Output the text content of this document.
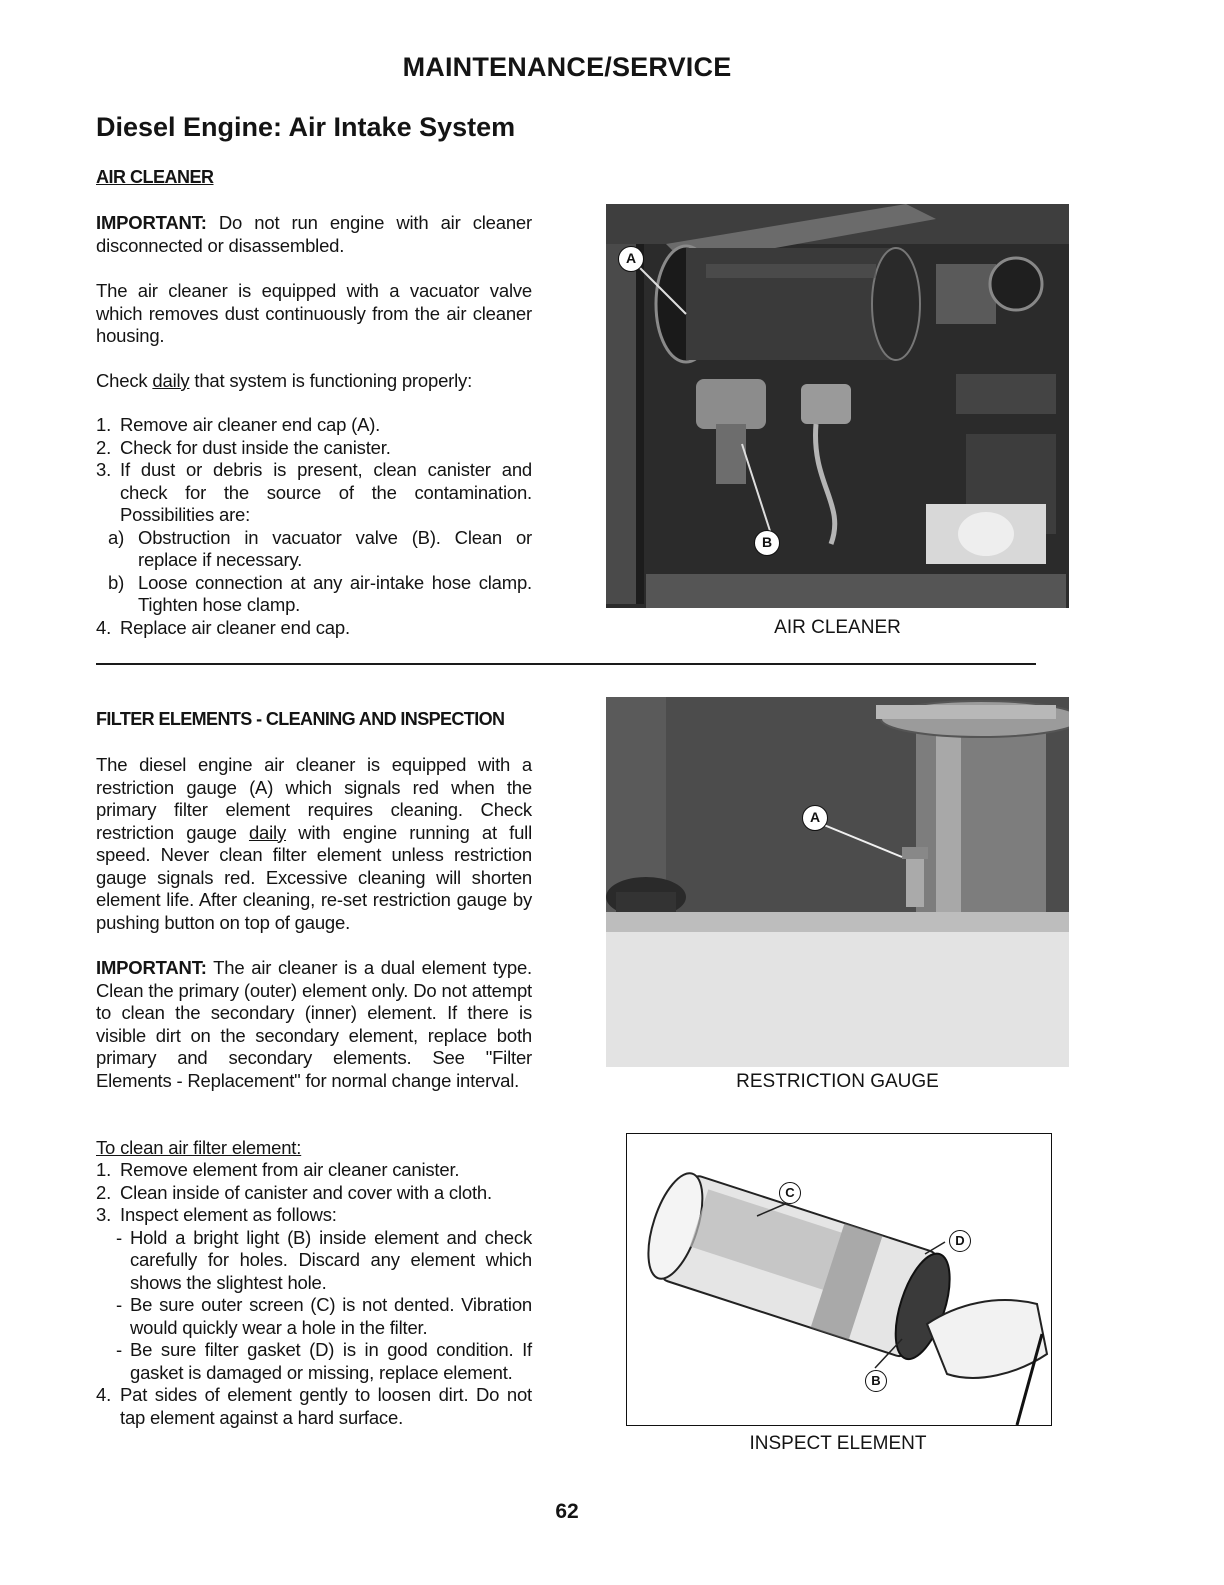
MAINTENANCE/SERVICE
Diesel Engine: Air Intake System
AIR CLEANER
IMPORTANT: Do not run engine with air cleaner disconnected or disassembled.
The air cleaner is equipped with a vacuator valve which removes dust continuously from the air cleaner housing.
Check daily that system is functioning properly:
1. Remove air cleaner end cap (A).
2. Check for dust inside the canister.
3. If dust or debris is present, clean canister and check for the source of the contamination. Possibilities are:
a) Obstruction in vacuator valve (B). Clean or replace if necessary.
b) Loose connection at any air-intake hose clamp. Tighten hose clamp.
4. Replace air cleaner end cap.
A
B
AIR CLEANER
FILTER ELEMENTS - CLEANING AND INSPECTION
The diesel engine air cleaner is equipped with a restriction gauge (A) which signals red when the primary filter element requires cleaning. Check restriction gauge daily with engine running at full speed. Never clean filter element unless restriction gauge signals red. Excessive cleaning will shorten element life. After cleaning, re-set restriction gauge by pushing button on top of gauge.
IMPORTANT: The air cleaner is a dual element type. Clean the primary (outer) element only. Do not attempt to clean the secondary (inner) element. If there is visible dirt on the secondary element, replace both primary and secondary elements. See "Filter Elements - Replacement" for normal change interval.
To clean air filter element:
1. Remove element from air cleaner canister.
2. Clean inside of canister and cover with a cloth.
3. Inspect element as follows:
- Hold a bright light (B) inside element and check carefully for holes. Discard any element which shows the slightest hole.
- Be sure outer screen (C) is not dented. Vibration would quickly wear a hole in the filter.
- Be sure filter gasket (D) is in good condition. If gasket is damaged or missing, replace element.
4. Pat sides of element gently to loosen dirt. Do not tap element against a hard surface.
A
RESTRICTION GAUGE
C
D
B
INSPECT ELEMENT
62
